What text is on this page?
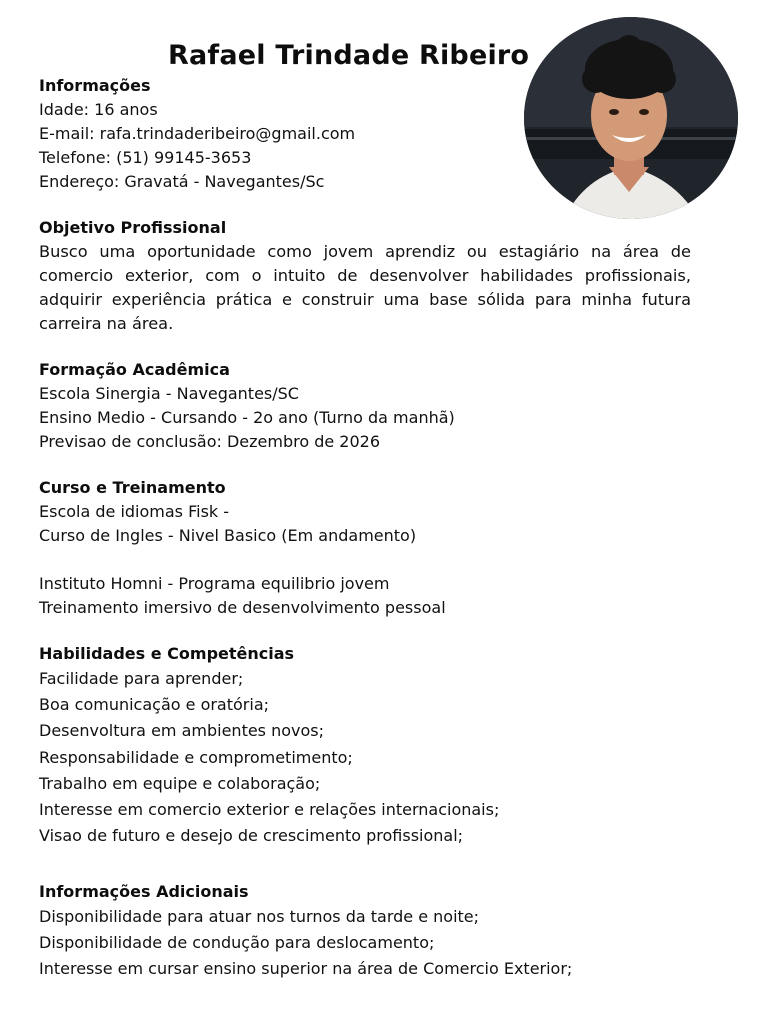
Rafael Trindade Ribeiro
Informações

Idade: 16 anos

E-mail: rafa.trindaderibeiro@gmail.com

Telefone: (51) 99145-3653

Endereço: Gravatá - Navegantes/Sc

Objetivo Profissional

Busco uma oportunidade como jovem aprendiz ou estagiário na área de comercio exterior, com o intuito de desenvolver habilidades profissionais, adquirir experiência prática e construir uma base sólida para minha futura carreira na área.

Formação Acadêmica

Escola Sinergia - Navegantes/SC

Ensino Medio - Cursando - 2o ano (Turno da manhã)

Previsao de conclusão: Dezembro de 2026

Curso e Treinamento

Escola de idiomas Fisk -

Curso de Ingles - Nivel Basico (Em andamento)

Instituto Homni - Programa equilibrio jovem

Treinamento imersivo de desenvolvimento pessoal

Habilidades e Competências

Facilidade para aprender;

Boa comunicação e oratória;

Desenvoltura em ambientes novos;

Responsabilidade e comprometimento;

Trabalho em equipe e colaboração;

Interesse em comercio exterior e relações internacionais;

Visao de futuro e desejo de crescimento profissional;

Informações Adicionais

Disponibilidade para atuar nos turnos da tarde e noite;

Disponibilidade de condução para deslocamento;

Interesse em cursar ensino superior na área de Comercio Exterior;
